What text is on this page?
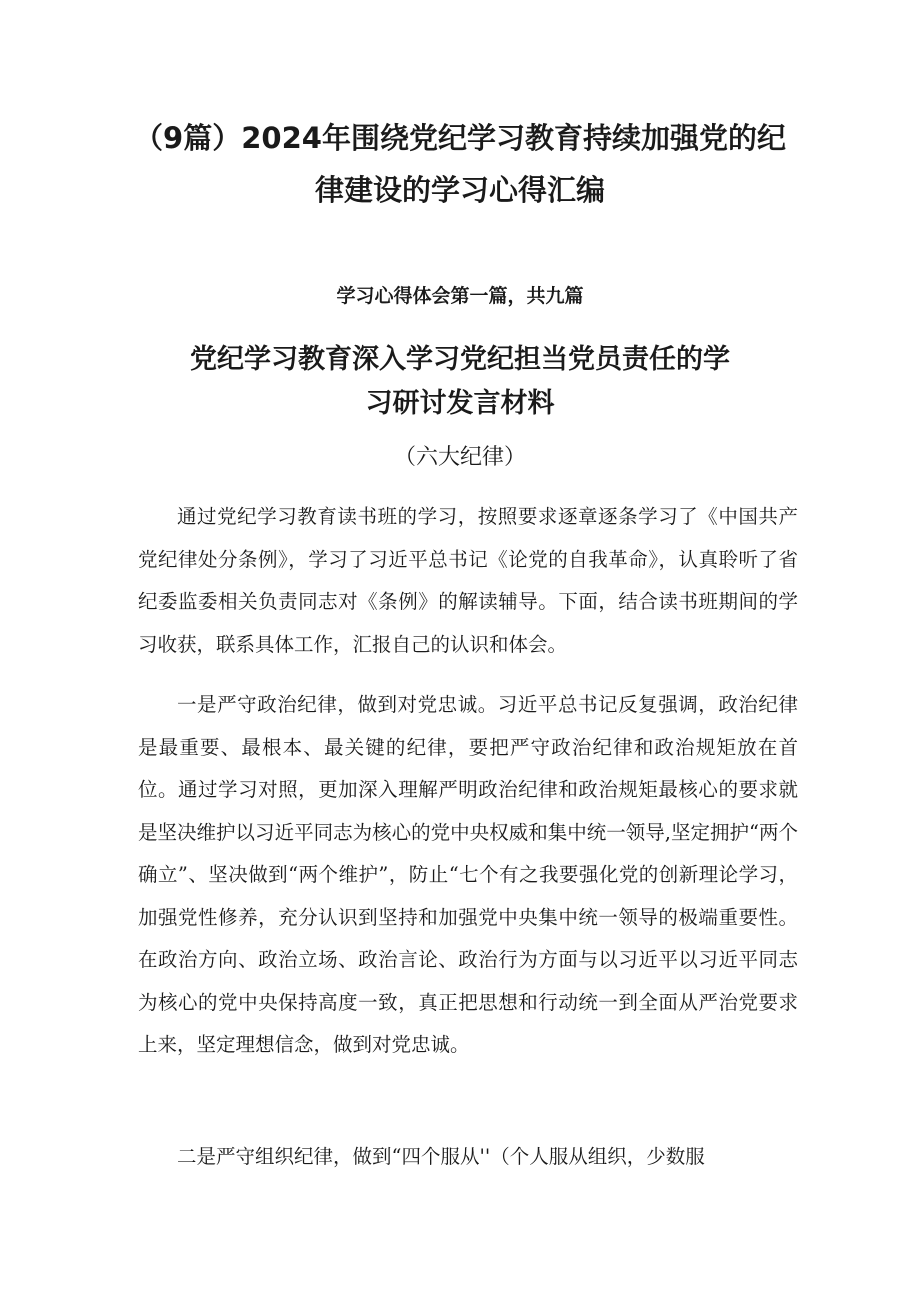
（9篇）2024年围绕党纪学习教育持续加强党的纪
律建设的学习心得汇编

学习心得体会第一篇，共九篇

党纪学习教育深入学习党纪担当党员责任的学
习研讨发言材料

（六大纪律）

通过党纪学习教育读书班的学习，按照要求逐章逐条学习了《中国共产党纪律处分条例》，学习了习近平总书记《论党的自我革命》，认真聆听了省纪委监委相关负责同志对《条例》的解读辅导。下面，结合读书班期间的学习收获，联系具体工作，汇报自己的认识和体会。

一是严守政治纪律，做到对党忠诚。习近平总书记反复强调，政治纪律是最重要、最根本、最关键的纪律，要把严守政治纪律和政治规矩放在首位。通过学习对照，更加深入理解严明政治纪律和政治规矩最核心的要求就是坚决维护以习近平同志为核心的党中央权威和集中统一领导,坚定拥护“两个确立”、坚决做到“两个维护”，防止“七个有之我要强化党的创新理论学习，加强党性修养，充分认识到坚持和加强党中央集中统一领导的极端重要性。在政治方向、政治立场、政治言论、政治行为方面与以习近平以习近平同志为核心的党中央保持高度一致，真正把思想和行动统一到全面从严治党要求上来，坚定理想信念，做到对党忠诚。

二是严守组织纪律，做到“四个服从''（个人服从组织，少数服
